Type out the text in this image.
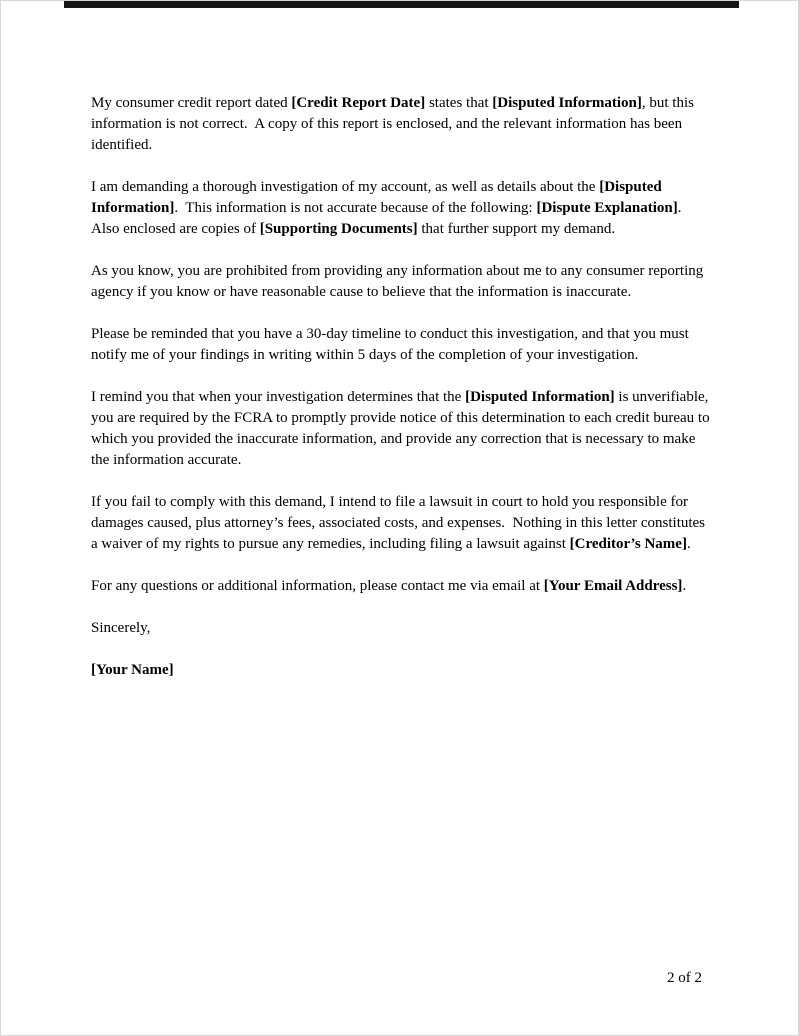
My consumer credit report dated [Credit Report Date] states that [Disputed Information], but this information is not correct.  A copy of this report is enclosed, and the relevant information has been identified.

I am demanding a thorough investigation of my account, as well as details about the [Disputed Information].  This information is not accurate because of the following: [Dispute Explanation].  Also enclosed are copies of [Supporting Documents] that further support my demand.

As you know, you are prohibited from providing any information about me to any consumer reporting agency if you know or have reasonable cause to believe that the information is inaccurate.

Please be reminded that you have a 30-day timeline to conduct this investigation, and that you must notify me of your findings in writing within 5 days of the completion of your investigation.

I remind you that when your investigation determines that the [Disputed Information] is unverifiable, you are required by the FCRA to promptly provide notice of this determination to each credit bureau to which you provided the inaccurate information, and provide any correction that is necessary to make the information accurate.

If you fail to comply with this demand, I intend to file a lawsuit in court to hold you responsible for damages caused, plus attorney’s fees, associated costs, and expenses.  Nothing in this letter constitutes a waiver of my rights to pursue any remedies, including filing a lawsuit against [Creditor’s Name].

For any questions or additional information, please contact me via email at [Your Email Address].

Sincerely,

[Your Name]

2 of 2
